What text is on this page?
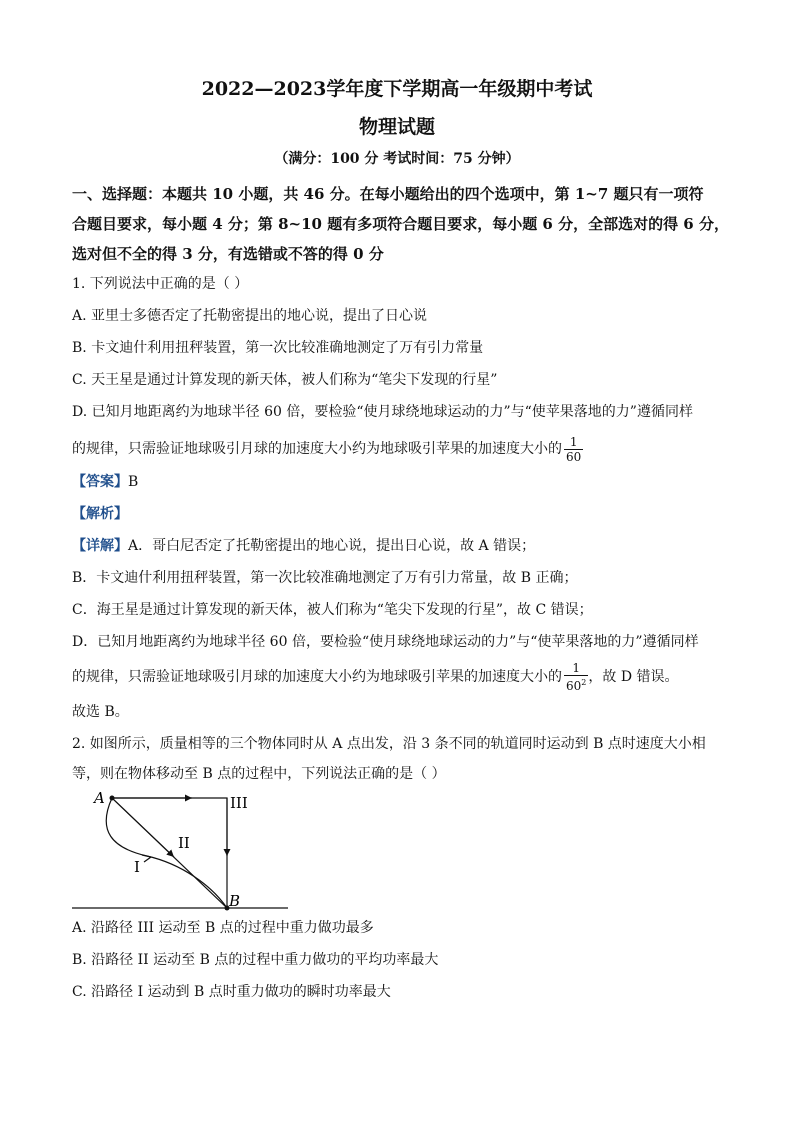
2022—2023学年度下学期高一年级期中考试
物理试题
（满分：100 分 考试时间：75 分钟）
一、选择题：本题共 10 小题，共 46 分。在每小题给出的四个选项中，第 1~7 题只有一项符
合题目要求，每小题 4 分；第 8~10 题有多项符合题目要求，每小题 6 分，全部选对的得 6 分，
选对但不全的得 3 分，有选错或不答的得 0 分
1. 下列说法中正确的是（ ）
A. 亚里士多德否定了托勒密提出的地心说，提出了日心说
B. 卡文迪什利用扭秤装置，第一次比较准确地测定了万有引力常量
C. 天王星是通过计算发现的新天体，被人们称为“笔尖下发现的行星”
D. 已知月地距离约为地球半径 60 倍，要检验“使月球绕地球运动的力”与“使苹果落地的力”遵循同样
的规律，只需验证地球吸引月球的加速度大小约为地球吸引苹果的加速度大小的 $\frac{1}{60}$
【答案】B
【解析】
【详解】A．哥白尼否定了托勒密提出的地心说，提出日心说，故 A 错误；
B．卡文迪什利用扭秤装置，第一次比较准确地测定了万有引力常量，故 B 正确；
C．海王星是通过计算发现的新天体，被人们称为“笔尖下发现的行星”，故 C 错误；
D．已知月地距离约为地球半径 60 倍，要检验“使月球绕地球运动的力”与“使苹果落地的力”遵循同样
的规律，只需验证地球吸引月球的加速度大小约为地球吸引苹果的加速度大小的 $\frac{1}{60^2}$ ，故 D 错误。
故选 B。
2. 如图所示，质量相等的三个物体同时从 A 点出发，沿 3 条不同的轨道同时运动到 B 点时速度大小相
等，则在物体移动至 B 点的过程中，下列说法正确的是（ ）
A
B
I
II
III
A. 沿路径 III 运动至 B 点的过程中重力做功最多
B. 沿路径 II 运动至 B 点的过程中重力做功的平均功率最大
C. 沿路径 I 运动到 B 点时重力做功的瞬时功率最大
